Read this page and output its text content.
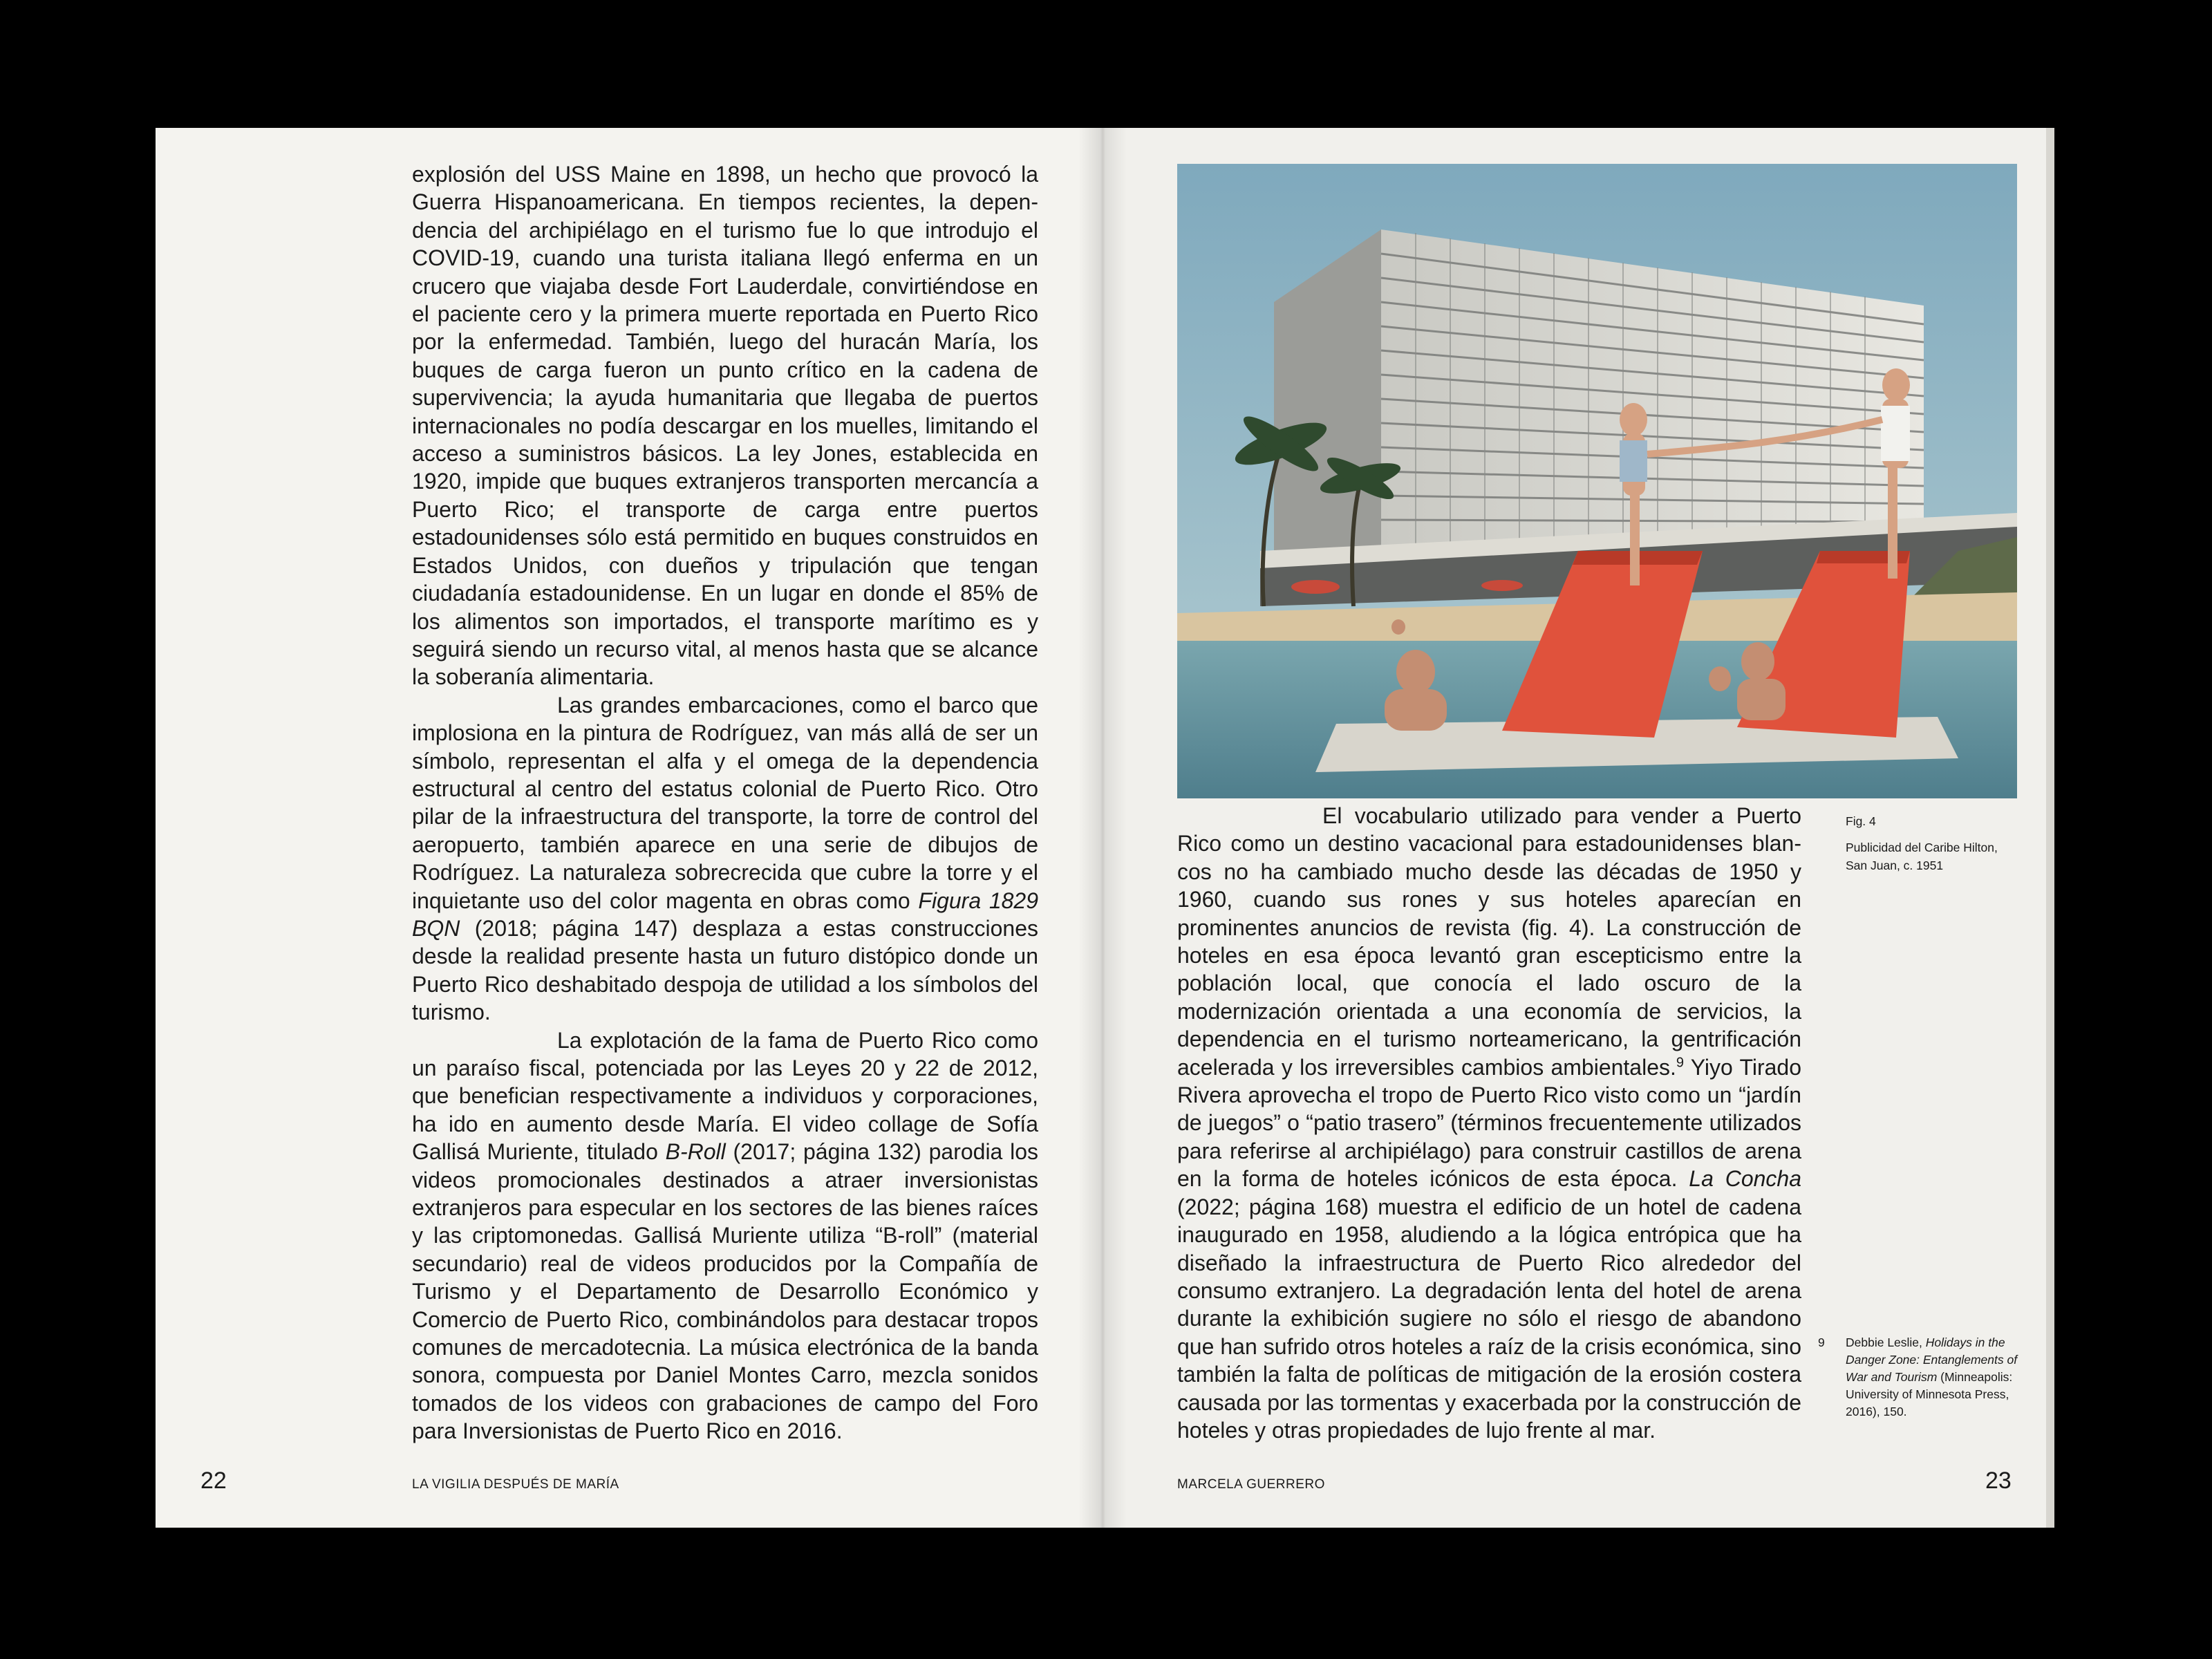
explosión del USS Maine en 1898, un hecho que provocó la Guerra Hispanoamericana. En tiempos recientes, la dependencia del archipiélago en el turismo fue lo que introdujo el COVID-19, cuando una turista italiana llegó enferma en un crucero que viajaba desde Fort Lauderdale, convirtiéndose en el paciente cero y la primera muerte reportada en Puerto Rico por la enfermedad. También, luego del huracán María, los buques de carga fueron un punto crítico en la cadena de supervivencia; la ayuda humanitaria que llegaba de puertos internacionales no podía descargar en los muelles, limitando el acceso a suministros básicos. La ley Jones, establecida en 1920, impide que buques extranjeros transporten mercancía a Puerto Rico; el transporte de carga entre puertos estadounidenses sólo está permitido en buques construidos en Estados Unidos, con dueños y tripulación que tengan ciudadanía estadounidense. En un lugar en donde el 85% de los alimentos son importados, el transporte marítimo es y seguirá siendo un recurso vital, al menos hasta que se alcance la soberanía alimentaria.

Las grandes embarcaciones, como el barco que implosiona en la pintura de Rodríguez, van más allá de ser un símbolo, representan el alfa y el omega de la dependencia estructural al centro del estatus colonial de Puerto Rico. Otro pilar de la infraestructura del transporte, la torre de control del aeropuerto, también aparece en una serie de dibujos de Rodríguez. La naturaleza sobrecrecida que cubre la torre y el inquietante uso del color magenta en obras como Figura 1829 BQN (2018; página 147) desplaza a estas construcciones desde la realidad presente hasta un futuro distópico donde un Puerto Rico deshabitado despoja de utilidad a los símbolos del turismo.

La explotación de la fama de Puerto Rico como un paraíso fiscal, potenciada por las Leyes 20 y 22 de 2012, que benefician respectivamente a individuos y corporaciones, ha ido en aumento desde María. El video collage de Sofía Gallisá Muriente, titulado B-Roll (2017; página 132) parodia los videos promocionales destinados a atraer inversionistas extranjeros para especular en los sectores de las bienes raíces y las criptomonedas. Gallisá Muriente utiliza “B-roll” (material secundario) real de videos producidos por la Compañía de Turismo y el Departamento de Desarrollo Económico y Comercio de Puerto Rico, combinándolos para destacar tropos comunes de mercadotecnia. La música electrónica de la banda sonora, compuesta por Daniel Montes Carro, mezcla sonidos tomados de los videos con grabaciones de campo del Foro para Inversionistas de Puerto Rico en 2016.

22	LA VIGILIA DESPUÉS DE MARÍA

El vocabulario utilizado para vender a Puerto Rico como un destino vacacional para estadounidenses blancos no ha cambiado mucho desde las décadas de 1950 y 1960, cuando sus rones y sus hoteles aparecían en prominentes anuncios de revista (fig. 4). La construcción de hoteles en esa época levantó gran escepticismo entre la población local, que conocía el lado oscuro de la modernización orientada a una economía de servicios, la dependencia en el turismo norteamericano, la gentrificación acelerada y los irreversibles cambios ambientales.$^9$ Yiyo Tirado Rivera aprovecha el tropo de Puerto Rico visto como un “jardín de juegos” o “patio trasero” (términos frecuentemente utilizados para referirse al archipiélago) para construir castillos de arena en la forma de hoteles icónicos de esta época. La Concha (2022; página 168) muestra el edificio de un hotel de cadena inaugurado en 1958, aludiendo a la lógica entrópica que ha diseñado la infraestructura de Puerto Rico alrededor del consumo extranjero. La degradación lenta del hotel de arena durante la exhibición sugiere no sólo el riesgo de abandono que han sufrido otros hoteles a raíz de la crisis económica, sino también la falta de políticas de mitigación de la erosión costera causada por las tormentas y exacerbada por la construcción de hoteles y otras propiedades de lujo frente al mar.

Fig. 4
Publicidad del Caribe Hilton, San Juan, c. 1951
9 Debbie Leslie, Holidays in the Danger Zone: Entanglements of War and Tourism (Minneapolis: University of Minnesota Press, 2016), 150.
23
MARCELA GUERRERO
